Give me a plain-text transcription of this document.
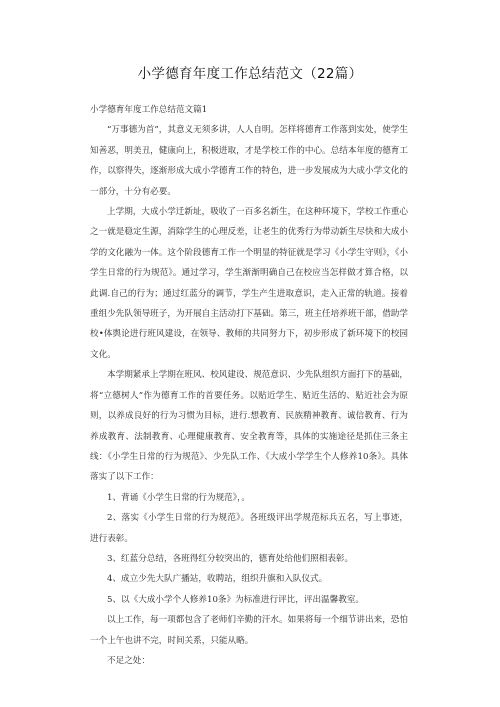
小学德育年度工作总结范文（22篇）

小学德育年度工作总结范文篇1

“万事德为首”，其意义无须多讲，人人自明。怎样将德育工作落到实处，使学生知善恶，明美丑，健康向上，积极进取，才是学校工作的中心。总结本年度的德育工作，以察得失，逐渐形成大成小学德育工作的特色，进一步发展成为大成小学文化的一部分，十分有必要。

上学期，大成小学迁新址，吸收了一百多名新生，在这种环境下，学校工作重心之一就是稳定生源，消除学生的心理反差，让老生的优秀行为带动新生尽快和大成小学的文化融为一体。这个阶段德育工作一个明显的特征就是学习《小学生守则》，《小学生日常的行为规范》。通过学习，学生渐渐明确自己在校应当怎样做才算合格，以此调.自己的行为；通过红蓝分的调节，学生产生进取意识，走入正常的轨道。接着重组少先队领导班子，为开展自主活动打下基础。第三，班主任培养班干部，借助学校•体舆论进行班风建设，在领导、教师的共同努力下，初步形成了新环境下的校园文化。

本学期紧承上学期在班风、校风建设、规范意识、少先队组织方面打下的基础，将“立德树人”作为德育工作的首要任务。以贴近学生、贴近生活的、贴近社会为原则，以养成良好的行为习惯为目标，进行.想教育、民族精神教育、诚信教育、行为养成教育、法制教育、心理健康教育、安全教育等，具体的实施途径是抓住三条主线：《小学生日常的行为规范》、少先队工作、《大成小学学生个人修养10条》。具体落实了以下工作：

1、背诵《小学生日常的行为规范》，。

2、落实《小学生日常的行为规范》。各班级评出学规范标兵五名，写上事迹，进行表彰。

3、红蓝分总结，各班得红分较突出的，德育处给他们照相表彰。

4、成立少先大队广播站，收聘站，组织升旗和入队仪式。

5、以《大成小学个人修养10条》为标准进行评比，评出温馨教室。

以上工作，每一项都包含了老师们辛勤的汗水。如果将每一个细节讲出来，恐怕一个上午也讲不完，时间关系，只能从略。

不足之处：
